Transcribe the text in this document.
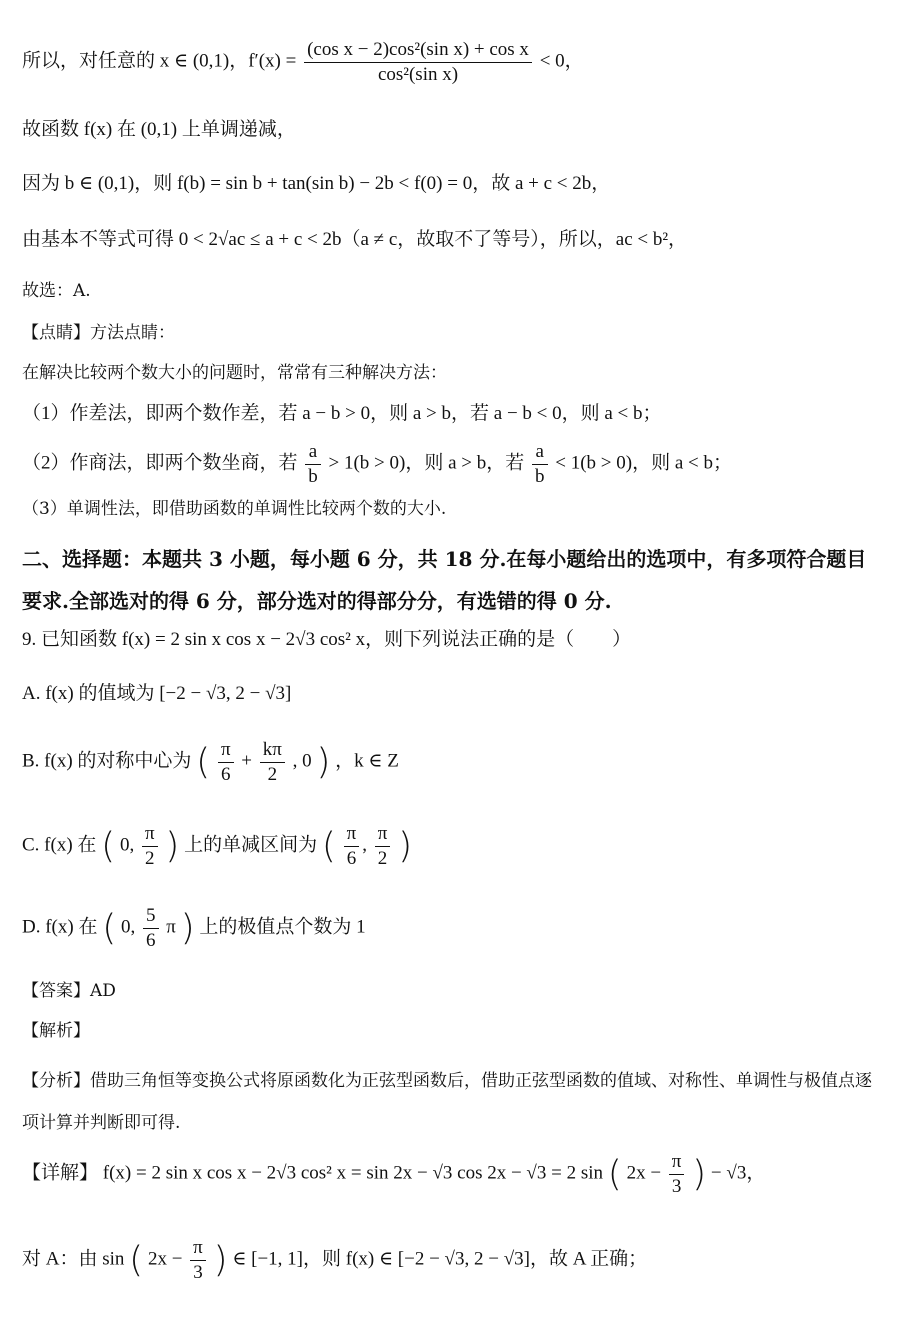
所以，对任意的 x ∈ (0,1)，$f'(x) = \frac{\text{(cos x − 2)cos²(sin x) + cos x}}{\text{cos²(sin x)}} < 0$，
故函数 f(x) 在 (0,1) 上单调递减，
因为 b ∈ (0,1)，则 f(b) = sin b + tan(sin b) − 2b < f(0) = 0，故 a + c < 2b，
由基本不等式可得 0 < 2√ac ≤ a + c < 2b（a ≠ c，故取不了等号），所以，ac < b²，
故选：A.
【点睛】方法点睛：
在解决比较两个数大小的问题时，常常有三种解决方法：
（1）作差法，即两个数作差，若 a − b > 0，则 a > b，若 a − b < 0，则 a < b；
（2）作商法，即两个数坐商，若 $\frac{a}{b} > 1(b > 0)$，则 a > b，若 $\frac{a}{b} < 1(b > 0)$，则 a < b；
（3）单调性法，即借助函数的单调性比较两个数的大小.
二、选择题：本题共 3 小题，每小题 6 分，共 18 分.在每小题给出的选项中，有多项符合题目要求.全部选对的得 6 分，部分选对的得部分分，有选错的得 0 分.
9. 已知函数 f(x) = 2 sin x cos x − 2√3 cos² x，则下列说法正确的是（　　）
A. f(x) 的值域为 [−2 − √3, 2 − √3]
B. f(x) 的对称中心为 ( $\frac{\pi}{6} + \frac{k\pi}{2}$ , 0 ) ，k ∈ Z
C. f(x) 在 ( 0, $\frac{\pi}{2}$ ) 上的单减区间为 ( $\frac{\pi}{6}$ , $\frac{\pi}{2}$ )
D. f(x) 在 ( 0, $\frac{5}{6}$ π ) 上的极值点个数为 1
【答案】AD
【解析】
【分析】借助三角恒等变换公式将原函数化为正弦型函数后，借助正弦型函数的值域、对称性、单调性与极值点逐项计算并判断即可得.
【详解】 f(x) = 2 sin x cos x − 2√3 cos² x = sin 2x − √3 cos 2x − √3 = 2 sin ( $2x - \frac{\pi}{3}$ ) − √3，
对 A：由 sin ( $2x - \frac{\pi}{3}$ ) ∈ [−1, 1]，则 f(x) ∈ [−2 − √3, 2 − √3]，故 A 正确；
